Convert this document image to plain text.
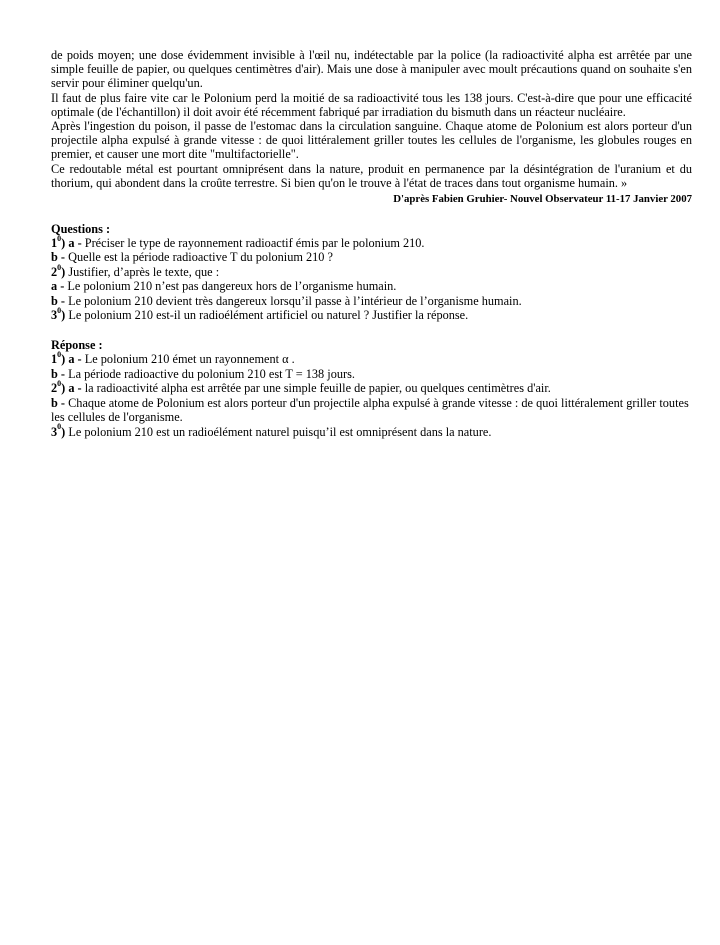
de poids moyen; une dose évidemment invisible à l'œil nu, indétectable par la police (la radioactivité alpha est arrêtée par une simple feuille de papier, ou quelques centimètres d'air). Mais une dose à manipuler avec moult précautions quand on souhaite s'en servir pour éliminer quelqu'un.

Il faut de plus faire vite car le Polonium perd la moitié de sa radioactivité tous les 138 jours. C'est-à-dire que pour une efficacité optimale (de l'échantillon) il doit avoir été récemment fabriqué par irradiation du bismuth dans un réacteur nucléaire.

Après l'ingestion du poison, il passe de l'estomac dans la circulation sanguine. Chaque atome de Polonium est alors porteur d'un projectile alpha expulsé à grande vitesse : de quoi littéralement griller toutes les cellules de l'organisme, les globules rouges en premier, et causer une mort dite "multifactorielle".

Ce redoutable métal est pourtant omniprésent dans la nature, produit en permanence par la désintégration de l'uranium et du thorium, qui abondent dans la croûte terrestre. Si bien qu'on le trouve à l'état de traces dans tout organisme humain. »

D'après Fabien Gruhier- Nouvel Observateur 11-17 Janvier 2007

Questions :

$1^0$) a - Préciser le type de rayonnement radioactif émis par le polonium 210.

b - Quelle est la période radioactive T du polonium 210 ?

$2^0$) Justifier, d’après le texte, que :

a - Le polonium 210 n’est pas dangereux hors de l’organisme humain.

b - Le polonium 210 devient très dangereux lorsqu’il passe à l’intérieur de l’organisme humain.

$3^0$) Le polonium 210 est-il un radioélément artificiel ou naturel ? Justifier la réponse.

Réponse :

$1^0$) a - Le polonium 210 émet un rayonnement α .

b - La période radioactive du polonium 210 est T = 138 jours.

$2^0$) a - la radioactivité alpha est arrêtée par une simple feuille de papier, ou quelques centimètres d'air.

b - Chaque atome de Polonium est alors porteur d'un projectile alpha expulsé à grande vitesse : de quoi littéralement griller toutes les cellules de l'organisme.

$3^0$) Le polonium 210 est un radioélément naturel puisqu’il est omniprésent dans la nature.
